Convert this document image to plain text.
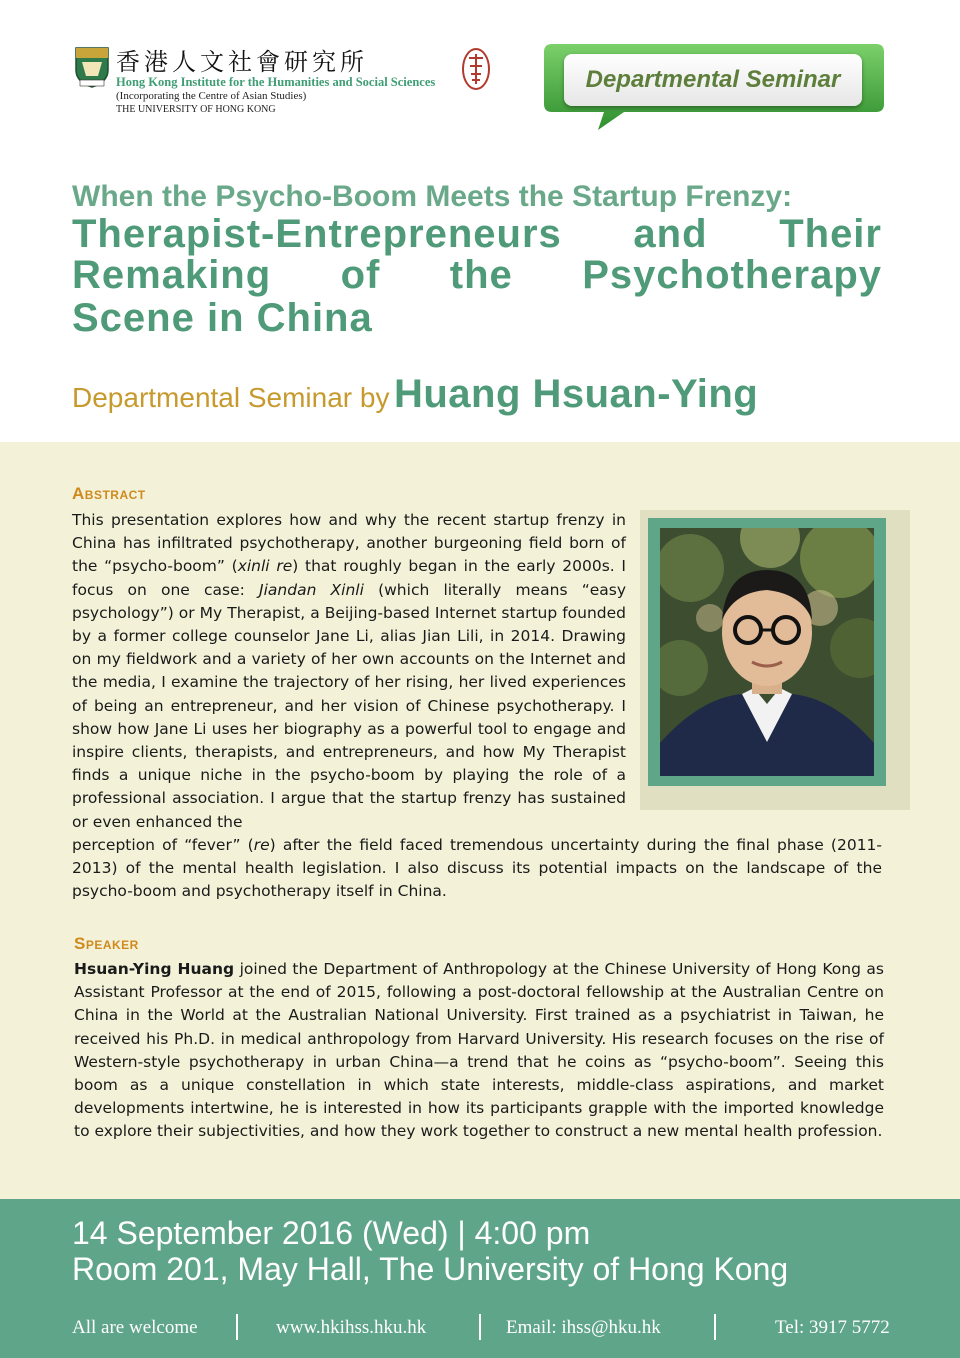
香港人文社會研究所
Hong Kong Institute for the Humanities and Social Sciences
(Incorporating the Centre of Asian Studies)
THE UNIVERSITY OF HONG KONG
Departmental Seminar
When the Psycho-Boom Meets the Startup Frenzy:
Therapist-Entrepreneurs and Their Remaking of the Psychotherapy
Scene in China
Departmental Seminar by Huang Hsuan-Ying
Abstract
This presentation explores how and why the recent startup frenzy in China has infiltrated psychotherapy, another burgeoning field born of the “psycho-boom” (xinli re) that roughly began in the early 2000s. I focus on one case: Jiandan Xinli (which literally means “easy psychology”) or My Therapist, a Beijing-based Internet startup founded by a former college counselor Jane Li, alias Jian Lili, in 2014. Drawing on my fieldwork and a variety of her own accounts on the Internet and the media, I examine the trajectory of her rising, her lived experiences of being an entrepreneur, and her vision of Chinese psychotherapy. I show how Jane Li uses her biography as a powerful tool to engage and inspire clients, therapists, and entrepreneurs, and how My Therapist finds a unique niche in the psycho-boom by playing the role of a professional association. I argue that the startup frenzy has sustained or even enhanced the
perception of “fever” (re) after the field faced tremendous uncertainty during the final phase (2011-2013) of the mental health legislation. I also discuss its potential impacts on the landscape of the psycho-boom and psychotherapy itself in China.
Speaker
Hsuan-Ying Huang joined the Department of Anthropology at the Chinese University of Hong Kong as Assistant Professor at the end of 2015, following a post-doctoral fellowship at the Australian Centre on China in the World at the Australian National University. First trained as a psychiatrist in Taiwan, he received his Ph.D. in medical anthropology from Harvard University. His research focuses on the rise of Western-style psychotherapy in urban China—a trend that he coins as “psycho-boom”. Seeing this boom as a unique constellation in which state interests, middle-class aspirations, and market developments intertwine, he is interested in how its participants grapple with the imported knowledge to explore their subjectivities, and how they work together to construct a new mental health profession.
14 September 2016 (Wed) | 4:00 pm
Room 201, May Hall, The University of Hong Kong
All are welcome	www.hkihss.hku.hk	Email: ihss@hku.hk	Tel: 3917 5772
